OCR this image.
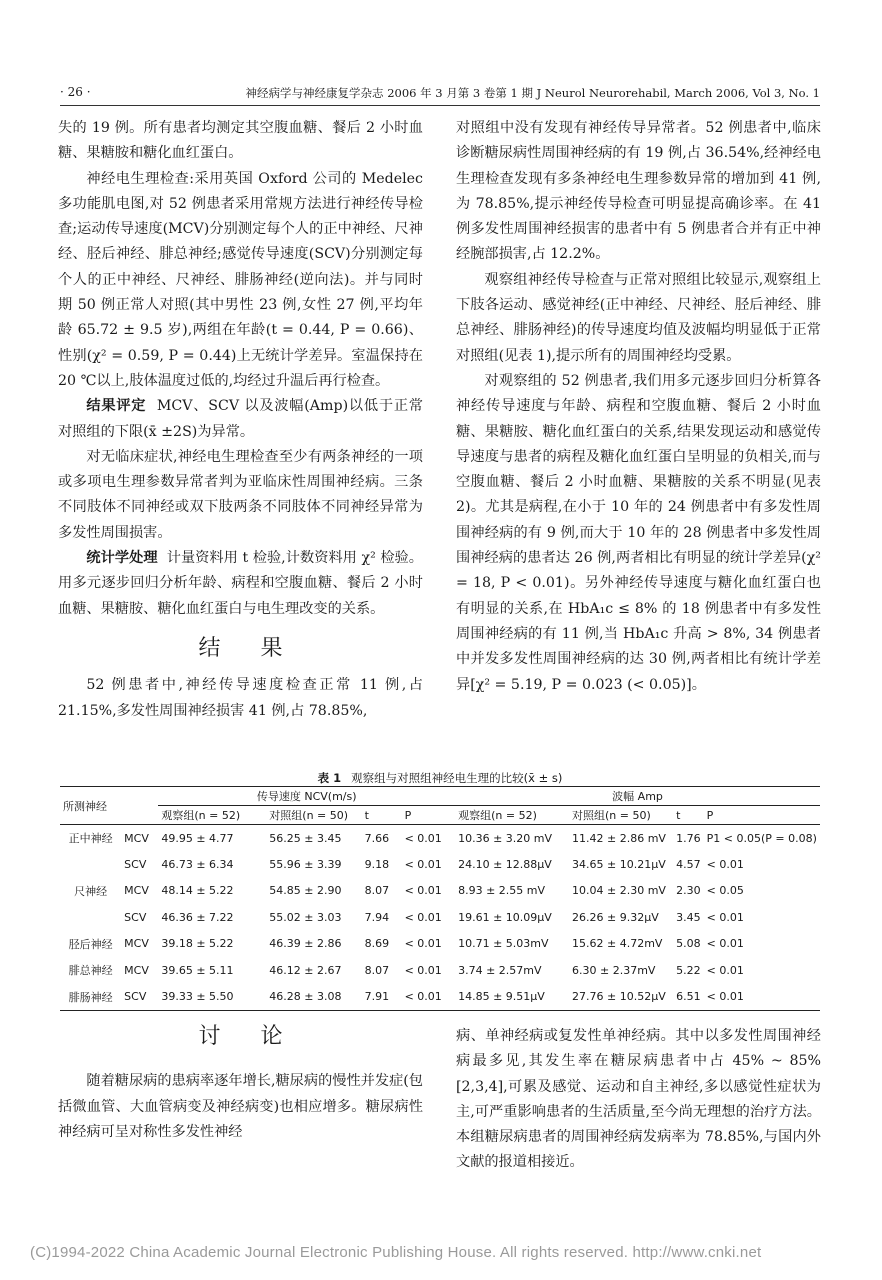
· 26 ·	神经病学与神经康复学杂志 2006 年 3 月第 3 卷第 1 期 J Neurol Neurorehabil, March 2006, Vol 3, No. 1

失的 19 例。所有患者均测定其空腹血糖、餐后 2 小时血糖、果糖胺和糖化血红蛋白。

神经电生理检查:采用英国 Oxford 公司的 Medelec 多功能肌电图,对 52 例患者采用常规方法进行神经传导检查;运动传导速度(MCV)分别测定每个人的正中神经、尺神经、胫后神经、腓总神经;感觉传导速度(SCV)分别测定每个人的正中神经、尺神经、腓肠神经(逆向法)。并与同时期 50 例正常人对照(其中男性 23 例,女性 27 例,平均年龄 65.72 ± 9.5 岁),两组在年龄(t = 0.44, P = 0.66)、性别(χ² = 0.59, P = 0.44)上无统计学差异。室温保持在 20 ℃以上,肢体温度过低的,均经过升温后再行检查。

结果评定 MCV、SCV 以及波幅(Amp)以低于正常对照组的下限(x̄ ±2S)为异常。

对无临床症状,神经电生理检查至少有两条神经的一项或多项电生理参数异常者判为亚临床性周围神经病。三条不同肢体不同神经或双下肢两条不同肢体不同神经异常为多发性周围损害。

统计学处理 计量资料用 t 检验,计数资料用 χ² 检验。用多元逐步回归分析年龄、病程和空腹血糖、餐后 2 小时血糖、果糖胺、糖化血红蛋白与电生理改变的关系。

结果

52 例患者中,神经传导速度检查正常 11 例,占 21.15%,多发性周围神经损害 41 例,占 78.85%,

对照组中没有发现有神经传导异常者。52 例患者中,临床诊断糖尿病性周围神经病的有 19 例,占 36.54%,经神经电生理检查发现有多条神经电生理参数异常的增加到 41 例,为 78.85%,提示神经传导检查可明显提高确诊率。在 41 例多发性周围神经损害的患者中有 5 例患者合并有正中神经腕部损害,占 12.2%。

观察组神经传导检查与正常对照组比较显示,观察组上下肢各运动、感觉神经(正中神经、尺神经、胫后神经、腓总神经、腓肠神经)的传导速度均值及波幅均明显低于正常对照组(见表 1),提示所有的周围神经均受累。

对观察组的 52 例患者,我们用多元逐步回归分析算各神经传导速度与年龄、病程和空腹血糖、餐后 2 小时血糖、果糖胺、糖化血红蛋白的关系,结果发现运动和感觉传导速度与患者的病程及糖化血红蛋白呈明显的负相关,而与空腹血糖、餐后 2 小时血糖、果糖胺的关系不明显(见表 2)。尤其是病程,在小于 10 年的 24 例患者中有多发性周围神经病的有 9 例,而大于 10 年的 28 例患者中多发性周围神经病的患者达 26 例,两者相比有明显的统计学差异(χ² = 18, P < 0.01)。另外神经传导速度与糖化血红蛋白也有明显的关系,在 HbA₁c ≤ 8% 的 18 例患者中有多发性周围神经病的有 11 例,当 HbA₁c 升高 > 8%, 34 例患者中并发多发性周围神经病的达 30 例,两者相比有统计学差异[χ² = 5.19, P = 0.023 (< 0.05)]。

表 1 观察组与对照组神经电生理的比较(x̄ ± s)
所测神经		传导速度 NCV(m/s)				波幅 Amp			
		观察组(n = 52)	对照组(n = 50)	t	P	观察组(n = 52)	对照组(n = 50)	t	P
正中神经	MCV	49.95 ± 4.77	56.25 ± 3.45	7.66	< 0.01	10.36 ± 3.20 mV	11.42 ± 2.86 mV	1.76	P1 < 0.05(P = 0.08)
	SCV	46.73 ± 6.34	55.96 ± 3.39	9.18	< 0.01	24.10 ± 12.88μV	34.65 ± 10.21μV	4.57	< 0.01
尺神经	MCV	48.14 ± 5.22	54.85 ± 2.90	8.07	< 0.01	8.93 ± 2.55 mV	10.04 ± 2.30 mV	2.30	< 0.05
	SCV	46.36 ± 7.22	55.02 ± 3.03	7.94	< 0.01	19.61 ± 10.09μV	26.26 ± 9.32μV	3.45	< 0.01
胫后神经	MCV	39.18 ± 5.22	46.39 ± 2.86	8.69	< 0.01	10.71 ± 5.03mV	15.62 ± 4.72mV	5.08	< 0.01
腓总神经	MCV	39.65 ± 5.11	46.12 ± 2.67	8.07	< 0.01	3.74 ± 2.57mV	6.30 ± 2.37mV	5.22	< 0.01
腓肠神经	SCV	39.33 ± 5.50	46.28 ± 3.08	7.91	< 0.01	14.85 ± 9.51μV	27.76 ± 10.52μV	6.51	< 0.01
讨论

随着糖尿病的患病率逐年增长,糖尿病的慢性并发症(包括微血管、大血管病变及神经病变)也相应增多。糖尿病性神经病可呈对称性多发性神经

病、单神经病或复发性单神经病。其中以多发性周围神经病最多见,其发生率在糖尿病患者中占 45% ~ 85%[2,3,4],可累及感觉、运动和自主神经,多以感觉性症状为主,可严重影响患者的生活质量,至今尚无理想的治疗方法。本组糖尿病患者的周围神经病发病率为 78.85%,与国内外文献的报道相接近。

(C)1994-2022 China Academic Journal Electronic Publishing House. All rights reserved. http://www.cnki.net
